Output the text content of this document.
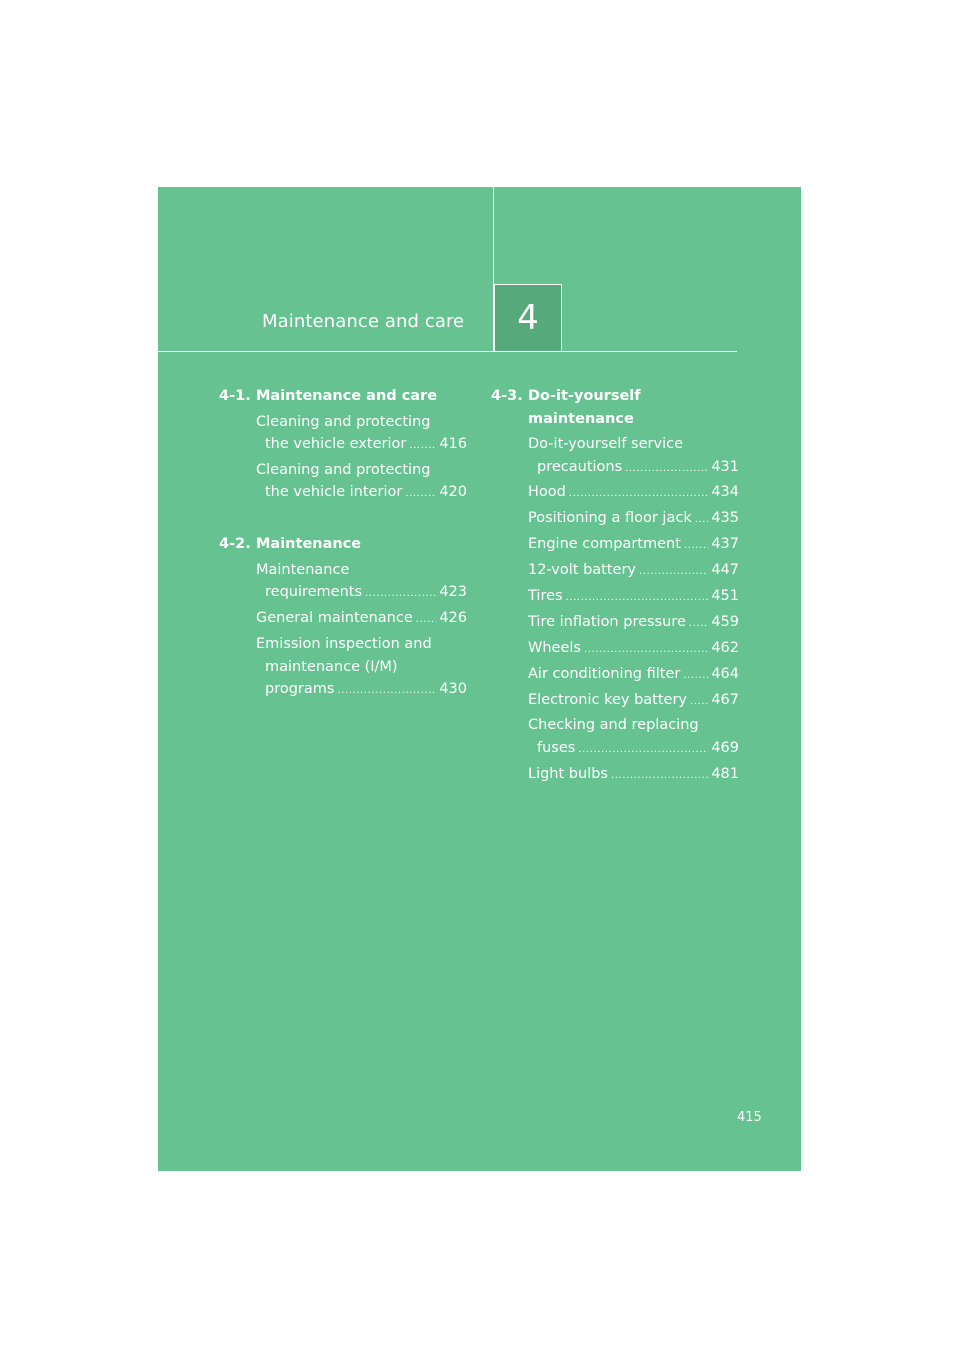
Maintenance and care 4
4-1. Maintenance and care
Cleaning and protecting
the vehicle exterior ..... 416
Cleaning and protecting
the vehicle interior .....	420
4-2. Maintenance
Maintenance
requirements .....	423
General maintenance ..... 426
Emission inspection and
maintenance (I/M)
programs .....	430
4-3. Do-it-yourself maintenance
Do-it-yourself service
precautions .....	431
Hood .....	434
Positioning a floor jack ..... 435
Engine compartment ..... 437
12-volt battery .....	447
Tires .....	451
Tire inflation pressure ..... 459
Wheels .....	462
Air conditioning filter ..... 464
Electronic key battery ..... 467
Checking and replacing
fuses .....	469
Light bulbs .....	481
415
